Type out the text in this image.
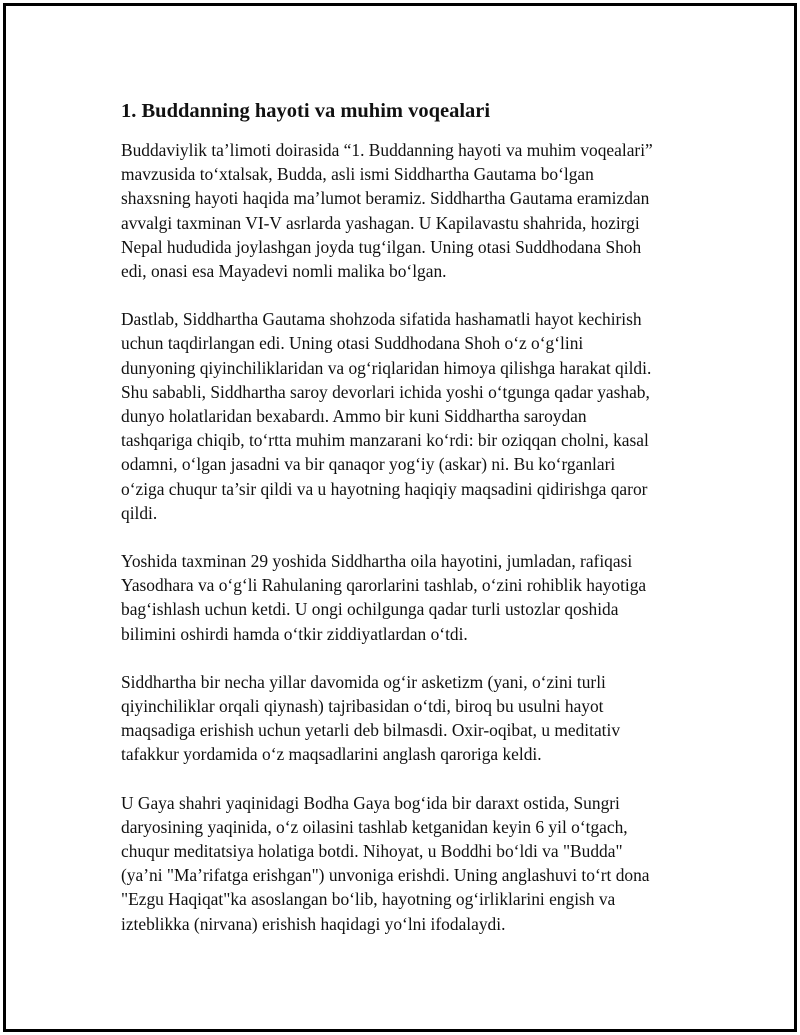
1. Buddanning hayoti va muhim voqealari

Buddaviylik ta’limoti doirasida “1. Buddanning hayoti va muhim voqealari”
mavzusida to‘xtalsak, Budda, asli ismi Siddhartha Gautama bo‘lgan
shaxsning hayoti haqida ma’lumot beramiz. Siddhartha Gautama eramizdan
avvalgi taxminan VI-V asrlarda yashagan. U Kapilavastu shahrida, hozirgi
Nepal hududida joylashgan joyda tug‘ilgan. Uning otasi Suddhodana Shoh
edi, onasi esa Mayadevi nomli malika bo‘lgan.

Dastlab, Siddhartha Gautama shohzoda sifatida hashamatli hayot kechirish
uchun taqdirlangan edi. Uning otasi Suddhodana Shoh o‘z o‘g‘lini
dunyoning qiyinchiliklaridan va og‘riqlaridan himoya qilishga harakat qildi.
Shu sababli, Siddhartha saroy devorlari ichida yoshi o‘tgunga qadar yashab,
dunyo holatlaridan bexabardı. Ammo bir kuni Siddhartha saroydan
tashqariga chiqib, to‘rtta muhim manzarani ko‘rdi: bir oziqqan cholni, kasal
odamni, o‘lgan jasadni va bir qanaqor yog‘iy (askar) ni. Bu ko‘rganlari
o‘ziga chuqur ta’sir qildi va u hayotning haqiqiy maqsadini qidirishga qaror
qildi.

Yoshida taxminan 29 yoshida Siddhartha oila hayotini, jumladan, rafiqasi
Yasodhara va o‘g‘li Rahulaning qarorlarini tashlab, o‘zini rohiblik hayotiga
bag‘ishlash uchun ketdi. U ongi ochilgunga qadar turli ustozlar qoshida
bilimini oshirdi hamda o‘tkir ziddiyatlardan o‘tdi.

Siddhartha bir necha yillar davomida og‘ir asketizm (yani, o‘zini turli
qiyinchiliklar orqali qiynash) tajribasidan o‘tdi, biroq bu usulni hayot
maqsadiga erishish uchun yetarli deb bilmasdi. Oxir-oqibat, u meditativ
tafakkur yordamida o‘z maqsadlarini anglash qaroriga keldi.

U Gaya shahri yaqinidagi Bodha Gaya bog‘ida bir daraxt ostida, Sungri
daryosining yaqinida, o‘z oilasini tashlab ketganidan keyin 6 yil o‘tgach,
chuqur meditatsiya holatiga botdi. Nihoyat, u Boddhi bo‘ldi va "Budda"
(ya’ni "Ma’rifatga erishgan") unvoniga erishdi. Uning anglashuvi to‘rt dona
"Ezgu Haqiqat"ka asoslangan bo‘lib, hayotning og‘irliklarini engish va
izteblikka (nirvana) erishish haqidagi yo‘lni ifodalaydi.
